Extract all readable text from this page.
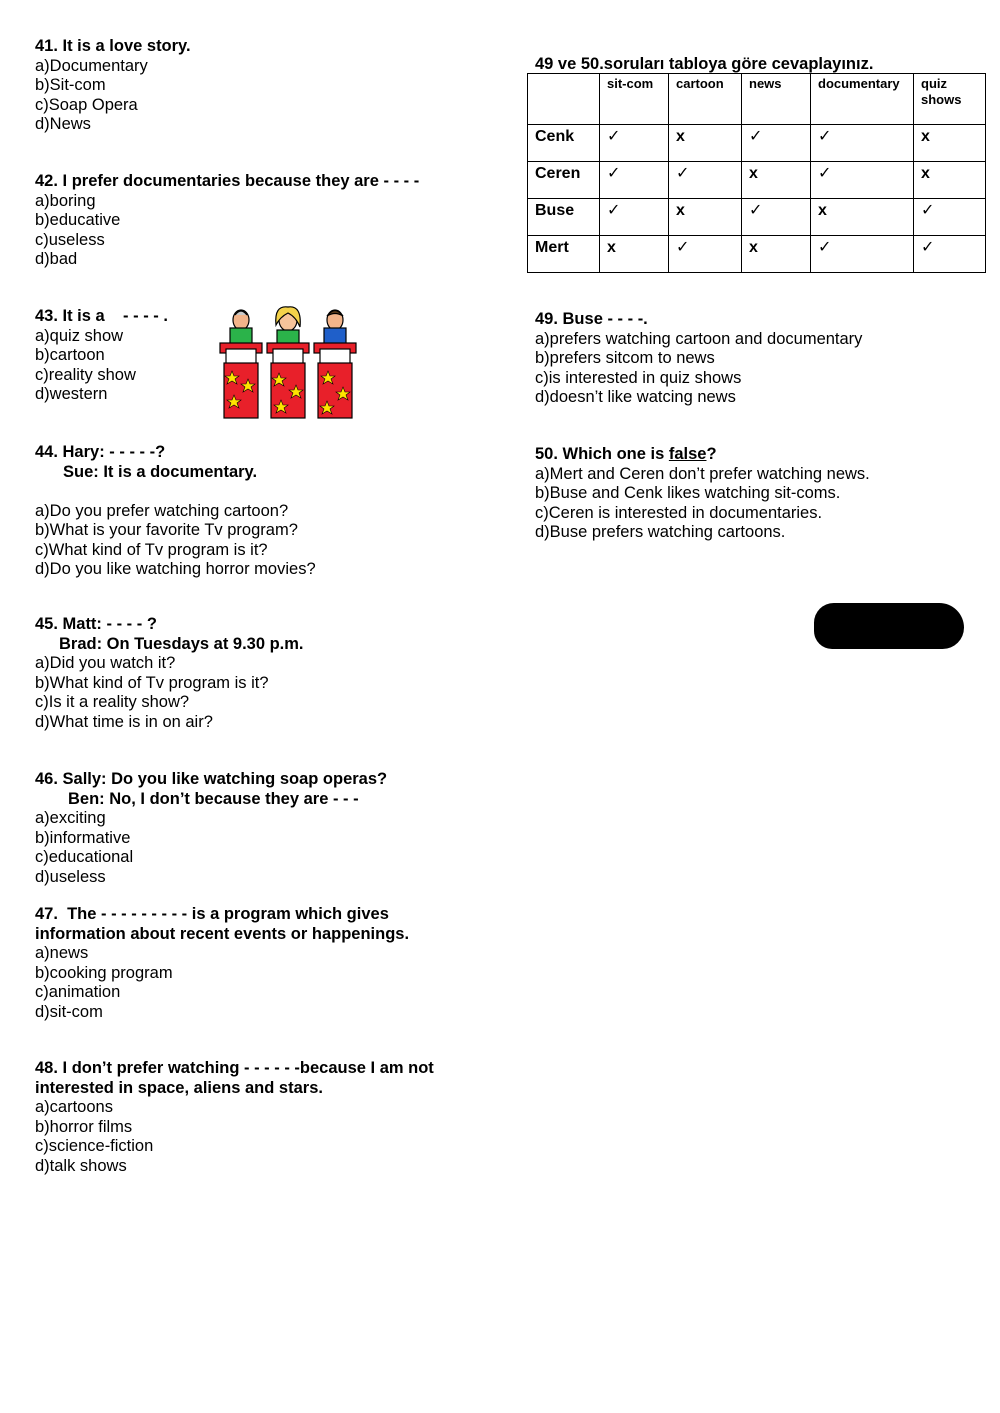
41. It is a love story.

a)Documentary

b)Sit-com

c)Soap Opera

d)News

42. I prefer documentaries because they are - - - -

a)boring

b)educative

c)useless

d)bad

43. It is a    - - - - .

a)quiz show

b)cartoon

c)reality show

d)western

44. Hary: - - - - -?

Sue: It is a documentary.

a)Do you prefer watching cartoon?

b)What is your favorite Tv program?

c)What kind of Tv program is it?

d)Do you like watching horror movies?

45. Matt: - - - - ?

Brad: On Tuesdays at 9.30 p.m.

a)Did you watch it?

b)What kind of Tv program is it?

c)Is it a reality show?

d)What time is in on air?

46. Sally: Do you like watching soap operas?

Ben: No, I don’t because they are - - -

a)exciting

b)informative

c)educational

d)useless

47.  The - - - - - - - - - is a program which gives

information about recent events or happenings.

a)news

b)cooking program

c)animation

d)sit-com

48. I don’t prefer watching - - - - - -because I am not

interested in space, aliens and stars.

a)cartoons

b)horror films

c)science-fiction

d)talk shows

49 ve 50.soruları tabloya göre cevaplayınız.
	sit-com	cartoon	news	documentary	quiz shows
Cenk	✓	x	✓	✓	x
Ceren	✓	✓	x	✓	x
Buse	✓	x	✓	x	✓
Mert	x	✓	x	✓	✓

49. Buse - - - -.

a)prefers watching cartoon and documentary

b)prefers sitcom to news

c)is interested in quiz shows

d)doesn’t like watcing news

50. Which one is false?

a)Mert and Ceren don’t prefer watching news.

b)Buse and Cenk likes watching sit-coms.

c)Ceren is interested in documentaries.

d)Buse prefers watching cartoons.
